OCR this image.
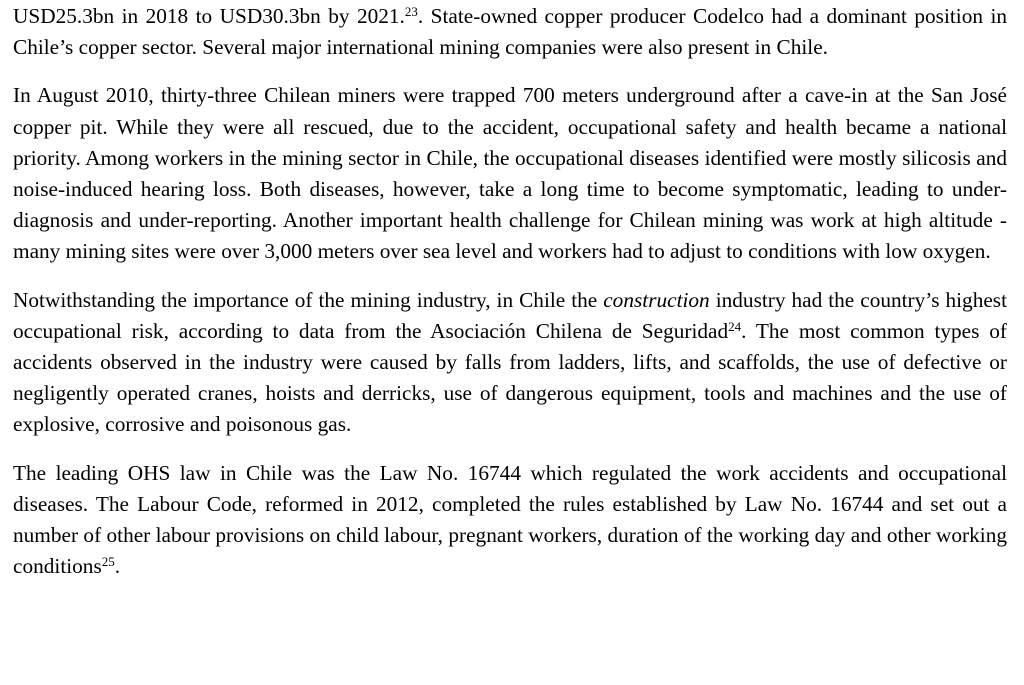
USD25.3bn in 2018 to USD30.3bn by 2021.23. State-owned copper producer Codelco had a dominant position in Chile’s copper sector. Several major international mining companies were also present in Chile.

In August 2010, thirty-three Chilean miners were trapped 700 meters underground after a cave-in at the San José copper pit. While they were all rescued, due to the accident, occupational safety and health became a national priority. Among workers in the mining sector in Chile, the occupational diseases identified were mostly silicosis and noise-induced hearing loss. Both diseases, however, take a long time to become symptomatic, leading to under-diagnosis and under-reporting. Another important health challenge for Chilean mining was work at high altitude - many mining sites were over 3,000 meters over sea level and workers had to adjust to conditions with low oxygen.

Notwithstanding the importance of the mining industry, in Chile the construction industry had the country’s highest occupational risk, according to data from the Asociación Chilena de Seguridad$^{24}$. The most common types of accidents observed in the industry were caused by falls from ladders, lifts, and scaffolds, the use of defective or negligently operated cranes, hoists and derricks, use of dangerous equipment, tools and machines and the use of explosive, corrosive and poisonous gas.

The leading OHS law in Chile was the Law No. 16744 which regulated the work accidents and occupational diseases. The Labour Code, reformed in 2012, completed the rules established by Law No. 16744 and set out a number of other labour provisions on child labour, pregnant workers, duration of the working day and other working conditions$^{25}$.
